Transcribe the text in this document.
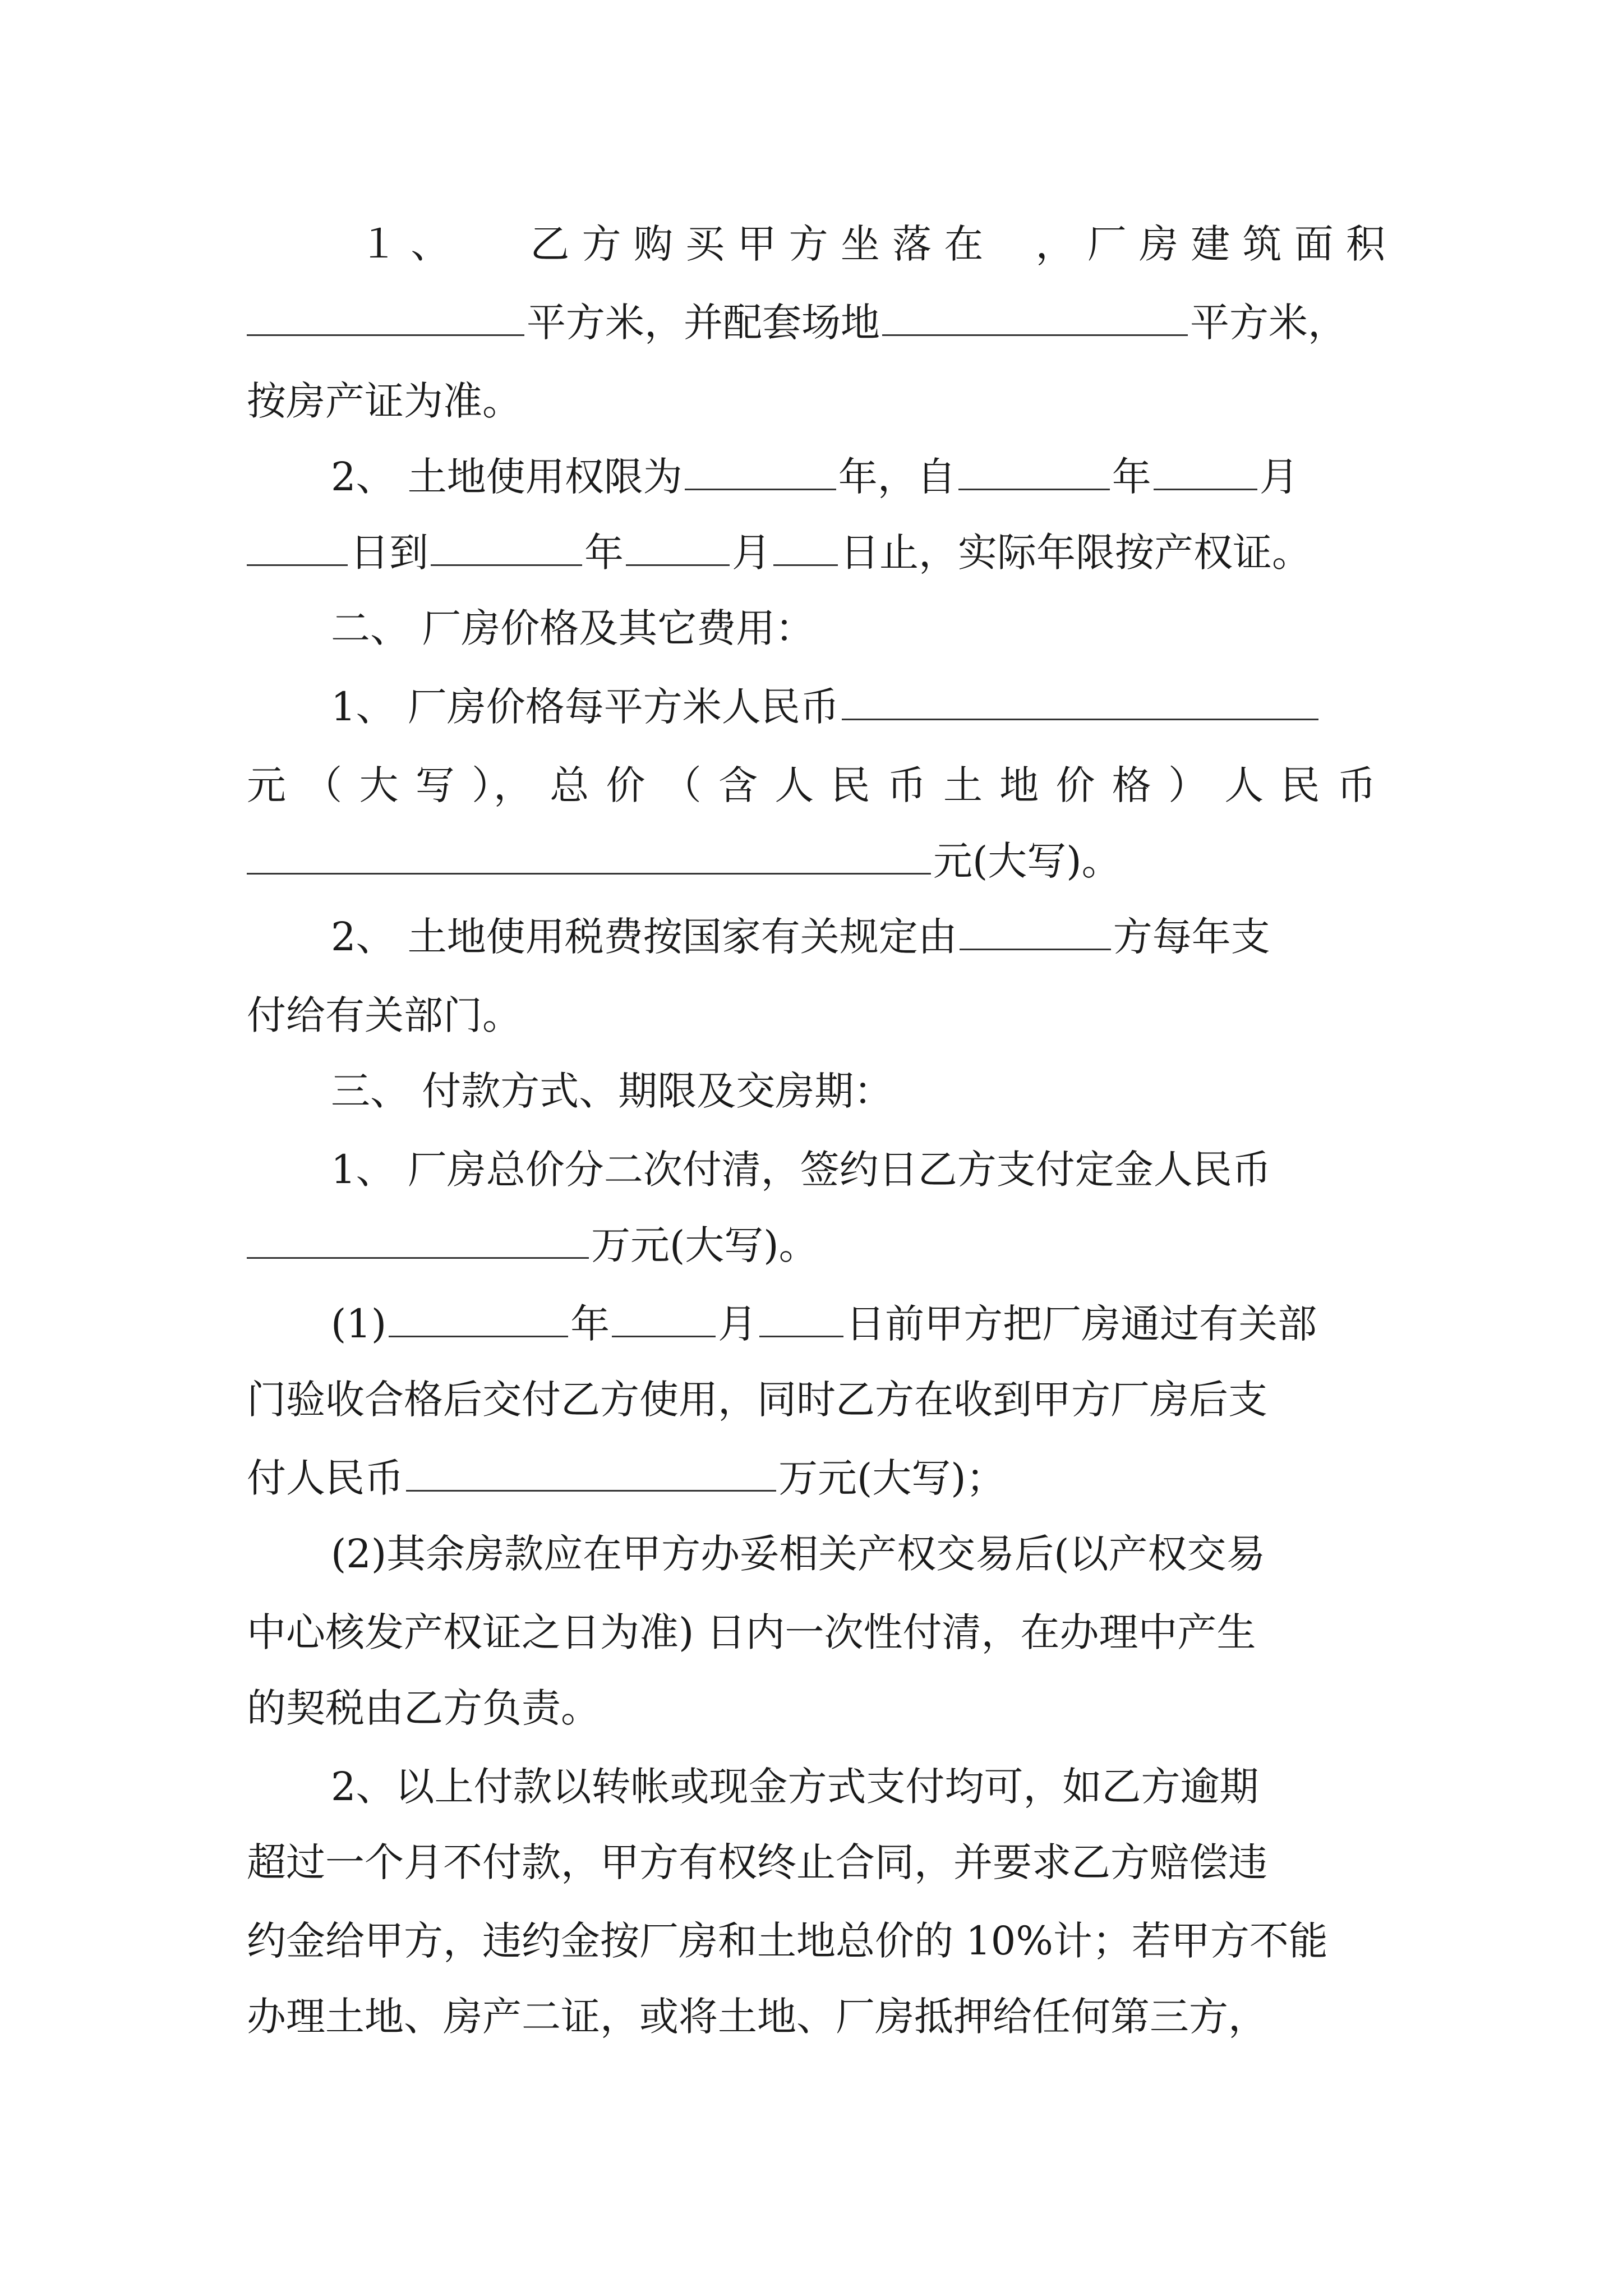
１ 、 乙 方 购 买 甲 方 坐 落 在 ， 厂 房 建 筑 面 积
平方米，并配套场地	平方米，
按房产证为准。
2、 土地使用权限为	年，自	年	月
日到	年	月 日止，实际年限按产权证。
二、 厂房价格及其它费用：
1、 厂房价格每平方米人民币
元 （ 大 写 ）， 总 价 （ 含 人 民 币 土 地 价 格 ） 人 民 币
元(大写)。
2、 土地使用税费按国家有关规定由	方每年支
付给有关部门。
三、 付款方式、期限及交房期：
1、 厂房总价分二次付清，签约日乙方支付定金人民币
万元(大写)。
(1)	年	月 日前甲方把厂房通过有关部
门验收合格后交付乙方使用，同时乙方在收到甲方厂房后支
付人民币	万元(大写)；
(2)其余房款应在甲方办妥相关产权交易后(以产权交易
中心核发产权证之日为准) 日内一次性付清，在办理中产生
的契税由乙方负责。
2、以上付款以转帐或现金方式支付均可，如乙方逾期
超过一个月不付款，甲方有权终止合同，并要求乙方赔偿违
约金给甲方，违约金按厂房和土地总价的 10%计；若甲方不能
办理土地、房产二证，或将土地、厂房抵押给任何第三方，
